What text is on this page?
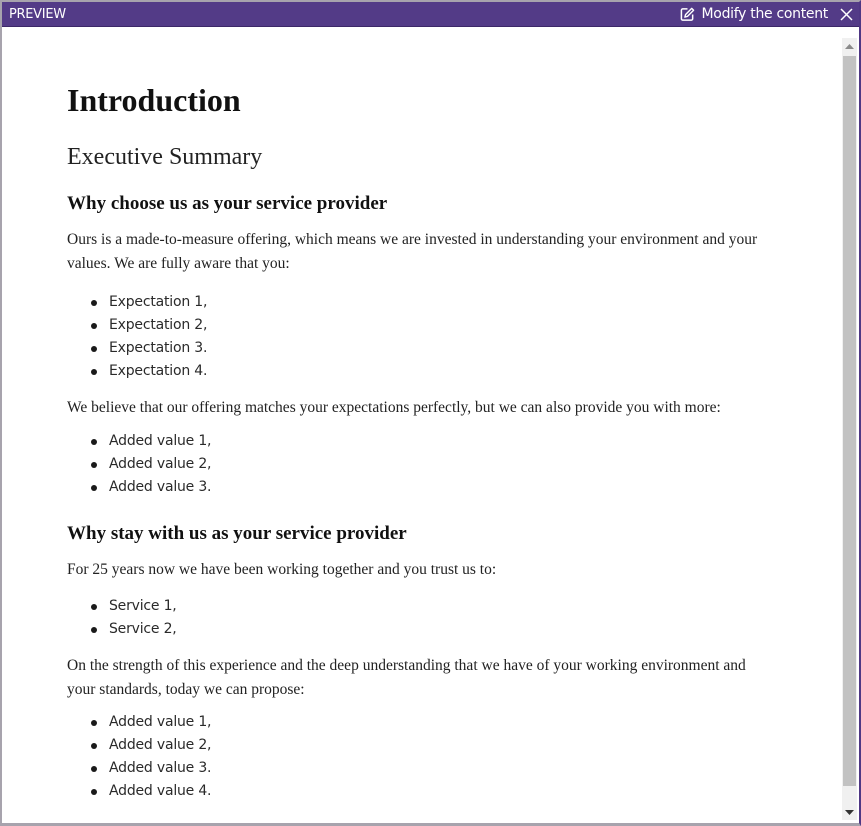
PREVIEW	Modify the content
Introduction
Executive Summary
Why choose us as your service provider

Ours is a made-to-measure offering, which means we are invested in understanding your environment and your values. We are fully aware that you:

Expectation 1,
Expectation 2,
Expectation 3.
Expectation 4.

We believe that our offering matches your expectations perfectly, but we can also provide you with more:

Added value 1,
Added value 2,
Added value 3.
Why stay with us as your service provider

For 25 years now we have been working together and you trust us to:

Service 1,
Service 2,

On the strength of this experience and the deep understanding that we have of your working environment and your standards, today we can propose:

Added value 1,
Added value 2,
Added value 3.
Added value 4.
